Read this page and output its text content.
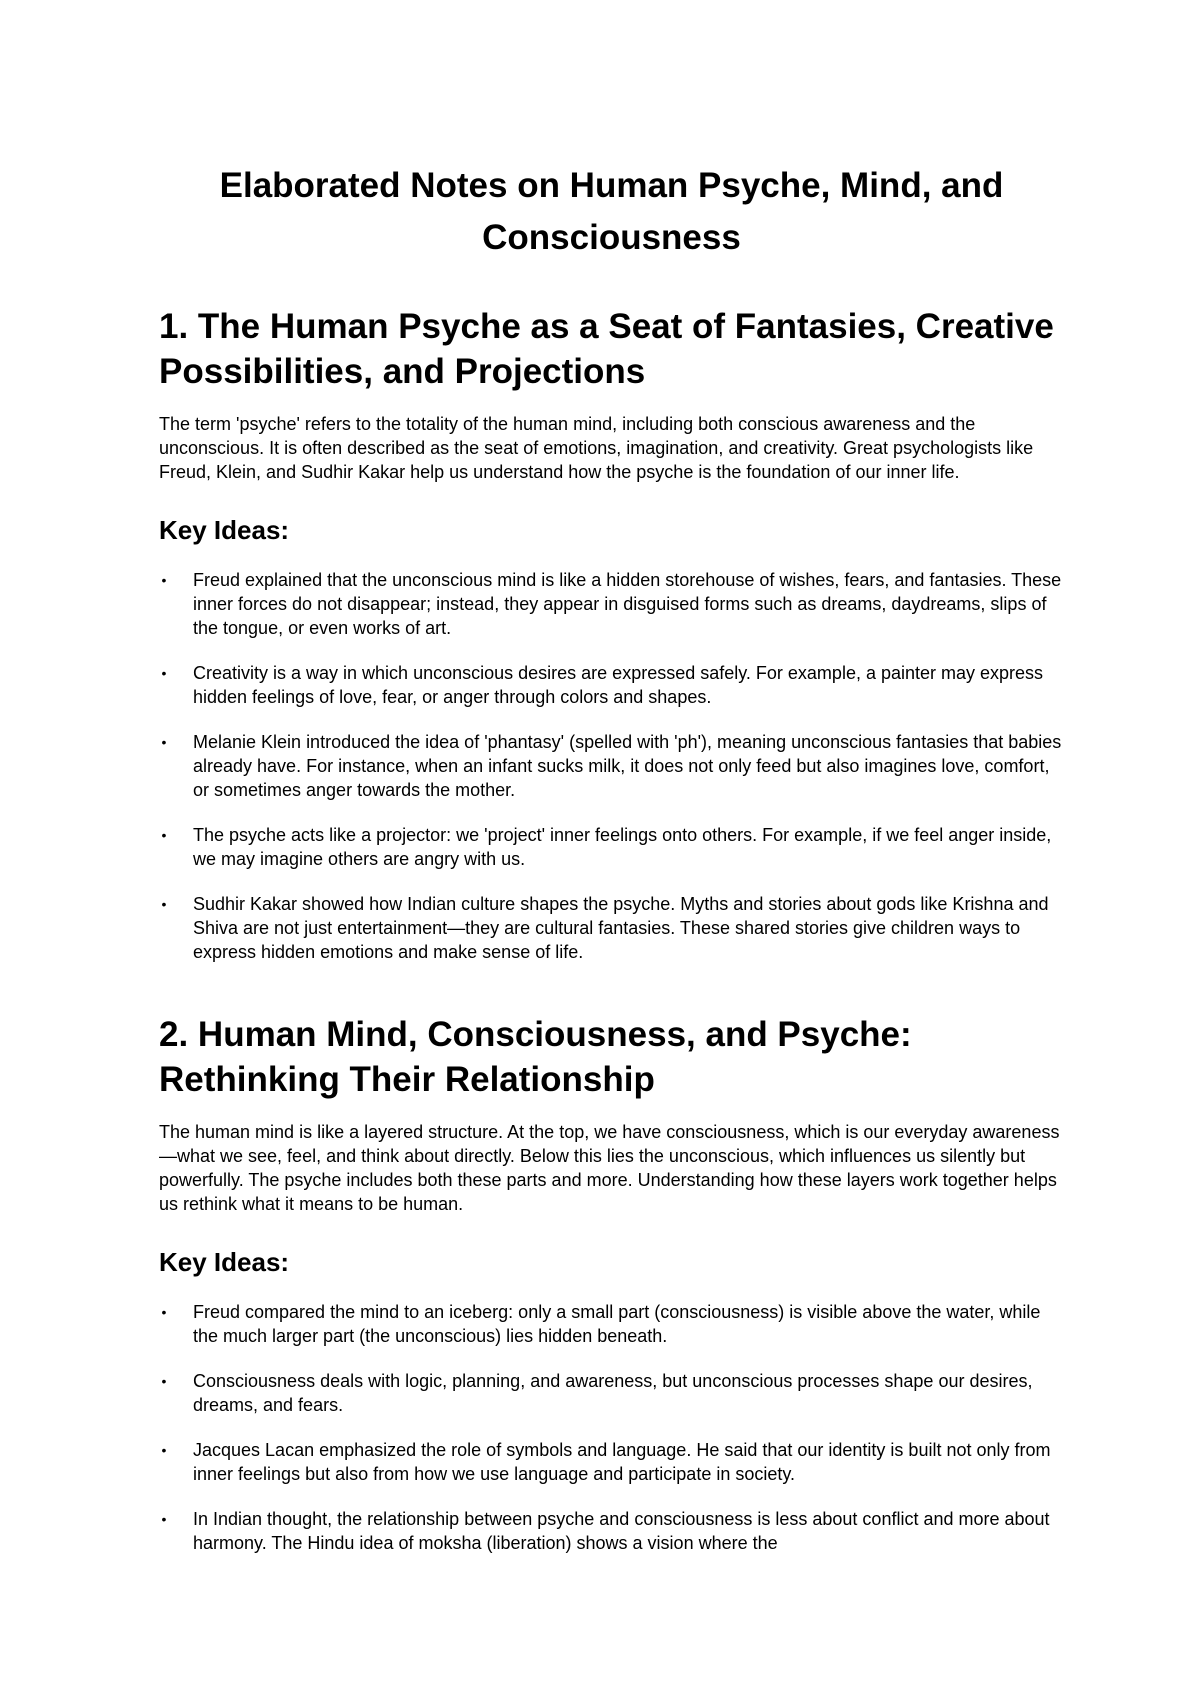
Elaborated Notes on Human Psyche, Mind, and Consciousness
1. The Human Psyche as a Seat of Fantasies, Creative Possibilities, and Projections

The term 'psyche' refers to the totality of the human mind, including both conscious awareness and the unconscious. It is often described as the seat of emotions, imagination, and creativity. Great psychologists like Freud, Klein, and Sudhir Kakar help us understand how the psyche is the foundation of our inner life.

Key Ideas:
• Freud explained that the unconscious mind is like a hidden storehouse of wishes, fears, and fantasies. These inner forces do not disappear; instead, they appear in disguised forms such as dreams, daydreams, slips of the tongue, or even works of art.
• Creativity is a way in which unconscious desires are expressed safely. For example, a painter may express hidden feelings of love, fear, or anger through colors and shapes.
• Melanie Klein introduced the idea of 'phantasy' (spelled with 'ph'), meaning unconscious fantasies that babies already have. For instance, when an infant sucks milk, it does not only feed but also imagines love, comfort, or sometimes anger towards the mother.
• The psyche acts like a projector: we 'project' inner feelings onto others. For example, if we feel anger inside, we may imagine others are angry with us.
• Sudhir Kakar showed how Indian culture shapes the psyche. Myths and stories about gods like Krishna and Shiva are not just entertainment—they are cultural fantasies. These shared stories give children ways to express hidden emotions and make sense of life.
2. Human Mind, Consciousness, and Psyche: Rethinking Their Relationship

The human mind is like a layered structure. At the top, we have consciousness, which is our everyday awareness—what we see, feel, and think about directly. Below this lies the unconscious, which influences us silently but powerfully. The psyche includes both these parts and more. Understanding how these layers work together helps us rethink what it means to be human.

Key Ideas:
• Freud compared the mind to an iceberg: only a small part (consciousness) is visible above the water, while the much larger part (the unconscious) lies hidden beneath.
• Consciousness deals with logic, planning, and awareness, but unconscious processes shape our desires, dreams, and fears.
• Jacques Lacan emphasized the role of symbols and language. He said that our identity is built not only from inner feelings but also from how we use language and participate in society.
• In Indian thought, the relationship between psyche and consciousness is less about conflict and more about harmony. The Hindu idea of moksha (liberation) shows a vision where the
